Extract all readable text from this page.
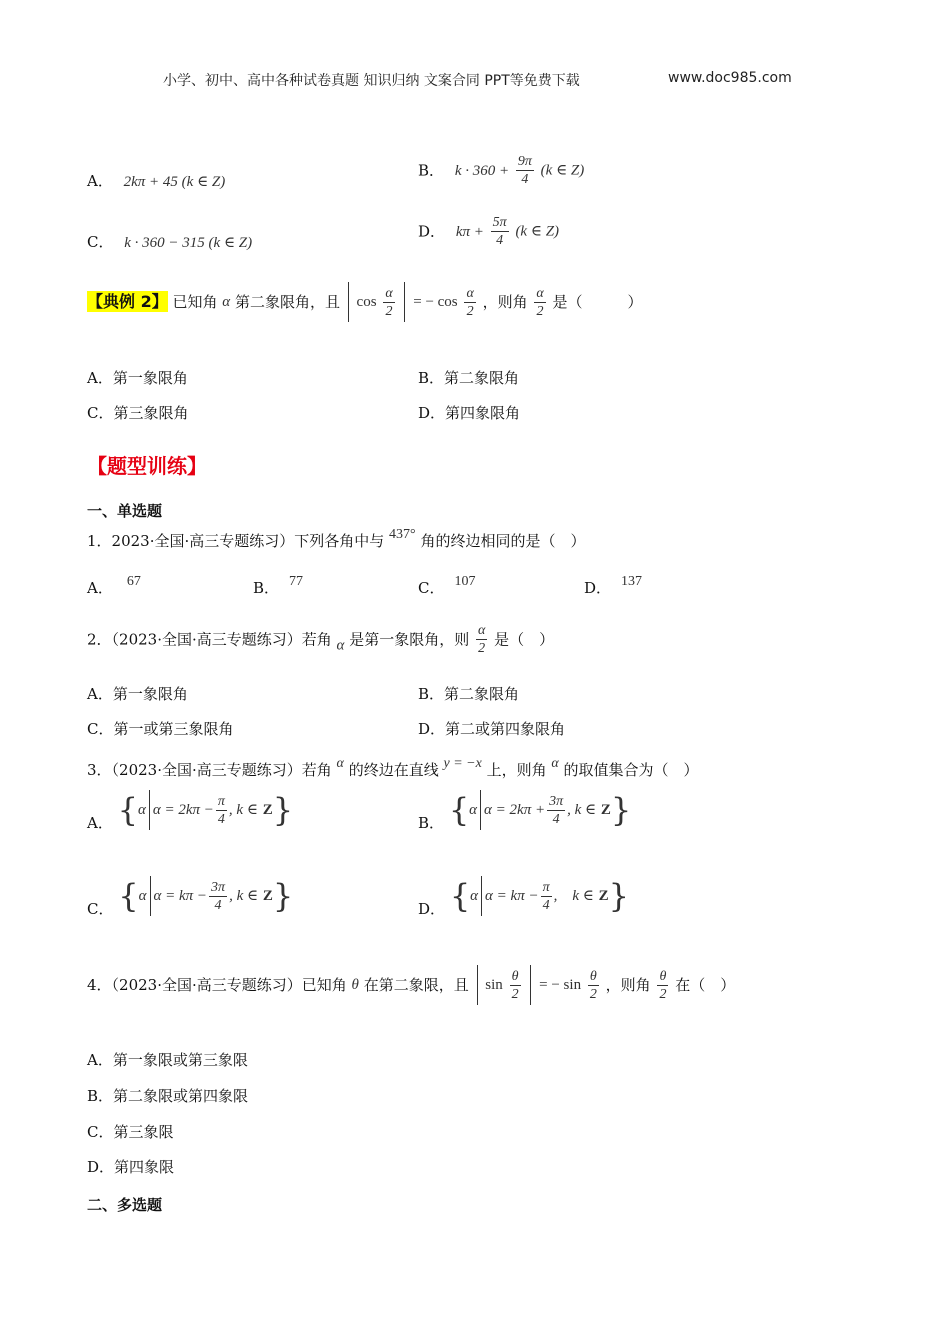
小学、初中、高中各种试卷真题 知识归纳 文案合同 PPT等免费下载	www.doc985.com
A． 2kπ + 45 (k ∈ Z)
B． $k \cdot 360 + \frac{9\pi}{4} (k$ ∈ Z)
C． k · 360 − 315 (k ∈ Z)
D． $k\pi + \frac{5\pi}{4} (k$ ∈ Z)
【典例 2】 已知角 α 第二象限角，且 $\cos \frac{\alpha}{2}$ = − $\cos \frac{\alpha}{2}$ ，则角 $\frac{\alpha}{2}$ 是（　　　）
A．第一象限角	B．第二象限角
C．第三象限角	D．第四象限角
【题型训练】
一、单选题
1．2023·全国·高三专题练习）下列各角中与 437° 角的终边相同的是（　）
A． 67	B． 77	C． 107	D． 137
2．（2023·全国·高三专题练习）若角 α 是第一象限角，则 $\frac{\alpha}{2}$ 是（　）
A．第一象限角	B．第二象限角
C．第一或第三象限角	D．第二或第四象限角
3．（2023·全国·高三专题练习）若角 α 的终边在直线 y = −x 上，则角 α 的取值集合为（　）
A． {α $\alpha = 2k\pi - \frac{\pi}{4}$ , k ∈ Z}	B． {α $\alpha = 2k\pi + \frac{3\pi}{4}$ , k ∈ Z}
C． {α $\alpha = k\pi - \frac{3\pi}{4}$ , k ∈ Z}	D． {α $\alpha = k\pi - \frac{\pi}{4}$ ,　k ∈ Z}
4．（2023·全国·高三专题练习）已知角 θ 在第二象限，且 $\sin \frac{\theta}{2}$ = − $\sin \frac{\theta}{2}$ ，则角 $\frac{\theta}{2}$ 在（　）
A．第一象限或第三象限
B．第二象限或第四象限
C．第三象限
D．第四象限
二、多选题
